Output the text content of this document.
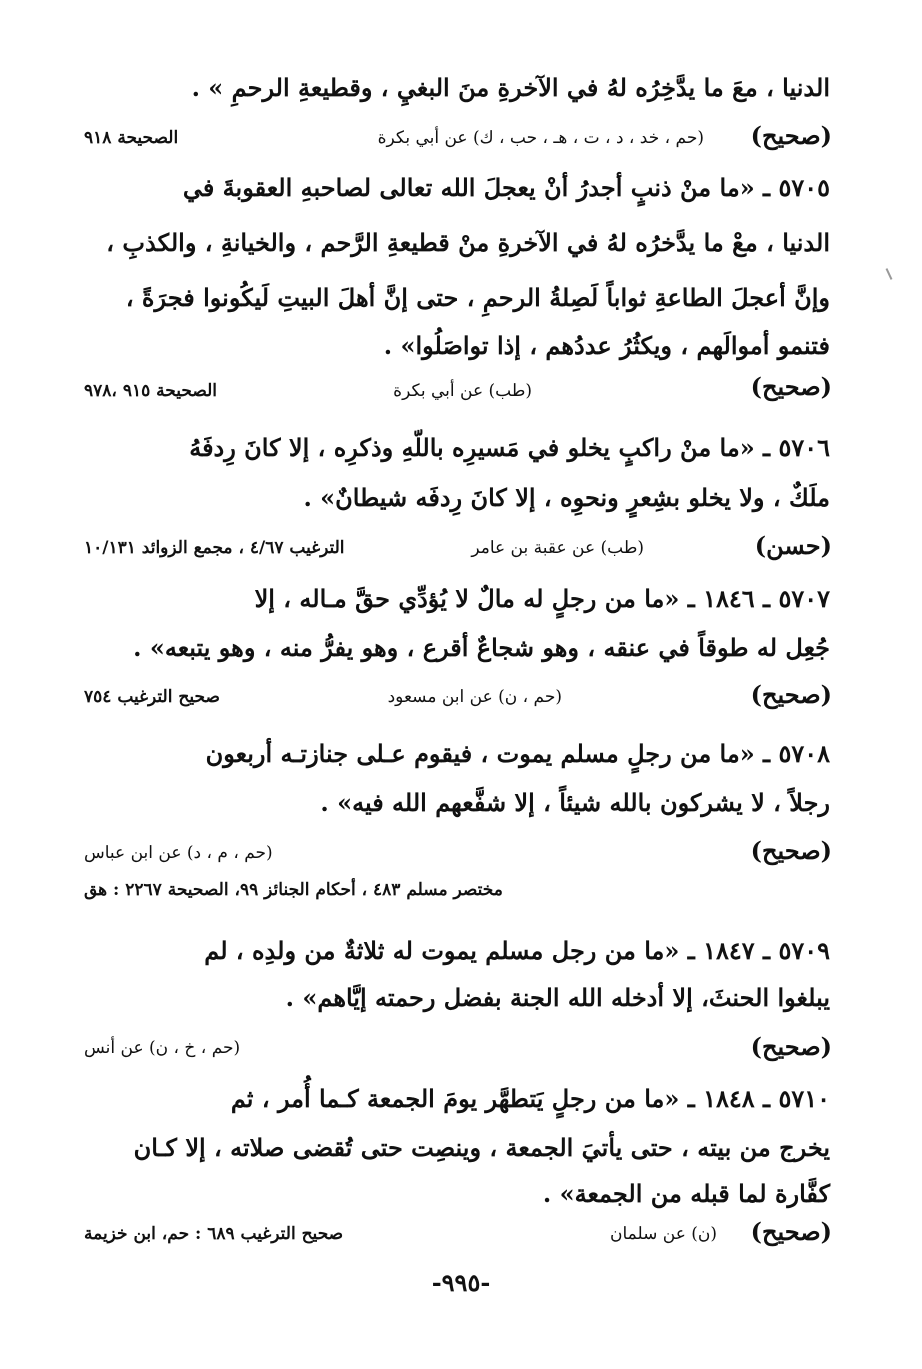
الدنيا ، معَ ما يدَّخِرُه لهُ في الآخرةِ منَ البغيِ ، وقطيعةِ الرحمِ » .
(صحيح)
(حم ، خد ، د ، ت ، هـ ، حب ، ك) عن أبي بكرة
الصحيحة ٩١٨
٥٧٠٥ ـ «ما منْ ذنبٍ أجدرُ أنْ يعجلَ الله تعالى لصاحبهِ العقوبةَ في
الدنيا ، معْ ما يدَّخرُه لهُ في الآخرةِ منْ قطيعةِ الرَّحم ، والخيانةِ ، والكذبِ ،
وإنَّ أعجلَ الطاعةِ ثواباً لَصِلةُ الرحمِ ، حتى إنَّ أهلَ البيتِ لَيكُونوا فجرَةً ،
فتنمو أموالَهم ، ويكثُرُ عددُهم ، إذا تواصَلُوا» .
(صحيح)
(طب) عن أبي بكرة
الصحيحة ٩١٥ ،٩٧٨
٥٧٠٦ ـ «ما منْ راكبٍ يخلو في مَسيرِه باللّهِ وذكرِه ، إلا كانَ رِدفَهُ
ملَكٌ ، ولا يخلو بشِعرٍ ونحوِه ، إلا كانَ رِدفَه شيطانٌ» .
(حسن)
(طب) عن عقبة بن عامر
الترغيب ٤/٦٧ ، مجمع الزوائد ١٠/١٣١
٥٧٠٧ ـ ١٨٤٦ ـ «ما من رجلٍ له مالٌ لا يُؤدِّي حقَّ مـاله ، إلا
جُعِل له طوقاً في عنقه ، وهو شجاعٌ أقرع ، وهو يفرُّ منه ، وهو يتبعه» .
(صحيح)
(حم ، ن) عن ابن مسعود
صحيح الترغيب ٧٥٤
٥٧٠٨ ـ «ما من رجلٍ مسلم يموت ، فيقوم عـلى جنازتـه أربعون
رجلاً ، لا يشركون بالله شيئاً ، إلا شفَّعهم الله فيه» .
(صحيح)
(حم ، م ، د) عن ابن عباس
مختصر مسلم ٤٨٣ ، أحكام الجنائز ٩٩، الصحيحة ٢٢٦٧ : هق
٥٧٠٩ ـ ١٨٤٧ ـ «ما من رجل مسلم يموت له ثلاثةٌ من ولدِه ، لم
يبلغوا الحنثَ، إلا أدخله الله الجنة بفضل رحمته إيَّاهم» .
(صحيح)
(حم ، خ ، ن) عن أنس
٥٧١٠ ـ ١٨٤٨ ـ «ما من رجلٍ يَتطهَّر يومَ الجمعة كـما أُمر ، ثم
يخرج من بيته ، حتى يأتيَ الجمعة ، وينصِت حتى تُقضى صلاته ، إلا كـان
كفَّارة لما قبله من الجمعة» .
(صحيح)
(ن) عن سلمان
صحيح الترغيب ٦٨٩ : حم، ابن خزيمة
-٩٩٥-
